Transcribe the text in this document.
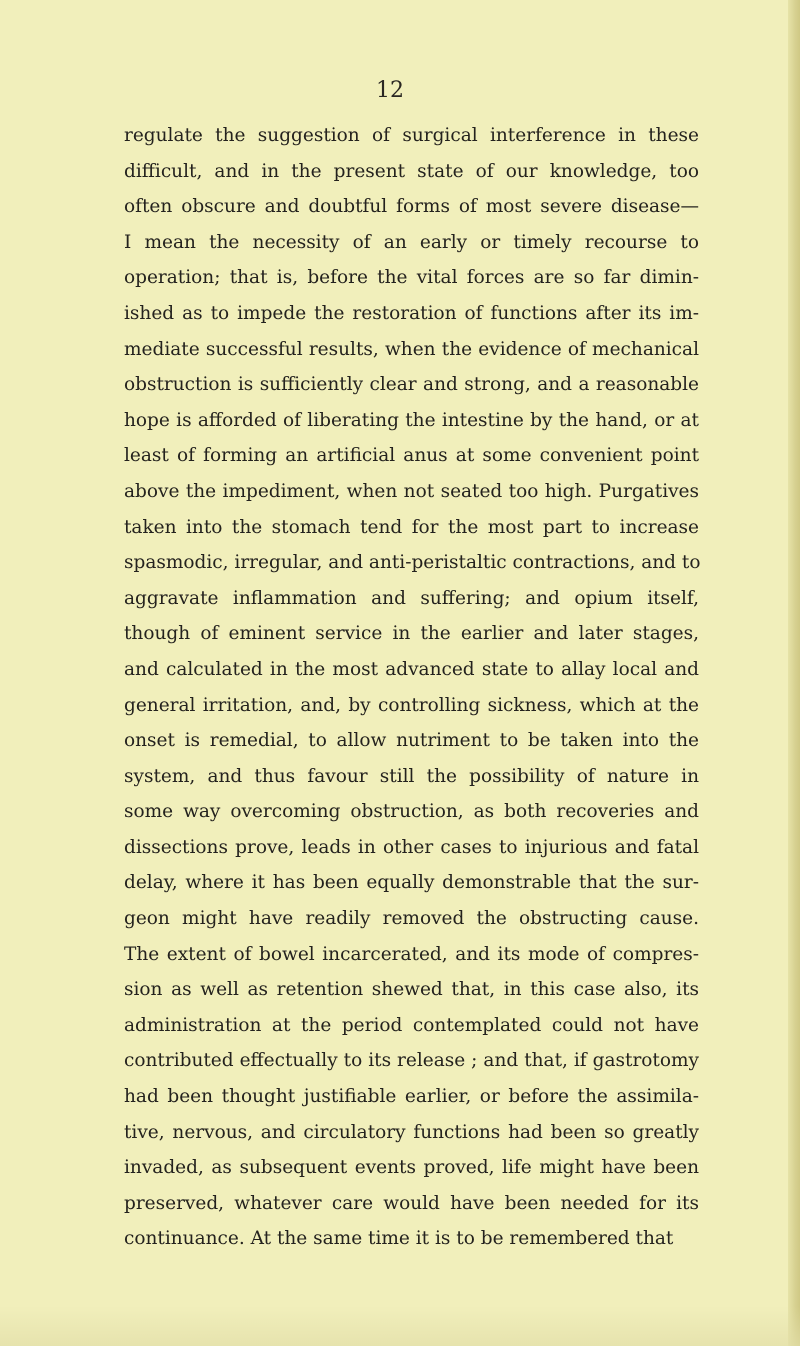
12
regulate the suggestion of surgical interference in these
difficult, and in the present state of our knowledge, too
often obscure and doubtful forms of most severe disease—
I mean the necessity of an early or timely recourse to
operation; that is, before the vital forces are so far dimin-
ished as to impede the restoration of functions after its im-
mediate successful results, when the evidence of mechanical
obstruction is sufficiently clear and strong, and a reasonable
hope is afforded of liberating the intestine by the hand, or at
least of forming an artificial anus at some convenient point
above the impediment, when not seated too high. Purgatives
taken into the stomach tend for the most part to increase
spasmodic, irregular, and anti-peristaltic contractions, and to
aggravate inflammation and suffering; and opium itself,
though of eminent service in the earlier and later stages,
and calculated in the most advanced state to allay local and
general irritation, and, by controlling sickness, which at the
onset is remedial, to allow nutriment to be taken into the
system, and thus favour still the possibility of nature in
some way overcoming obstruction, as both recoveries and
dissections prove, leads in other cases to injurious and fatal
delay, where it has been equally demonstrable that the sur-
geon might have readily removed the obstructing cause.
The extent of bowel incarcerated, and its mode of compres-
sion as well as retention shewed that, in this case also, its
administration at the period contemplated could not have
contributed effectually to its release ; and that, if gastrotomy
had been thought justifiable earlier, or before the assimila-
tive, nervous, and circulatory functions had been so greatly
invaded, as subsequent events proved, life might have been
preserved, whatever care would have been needed for its
continuance. At the same time it is to be remembered that
